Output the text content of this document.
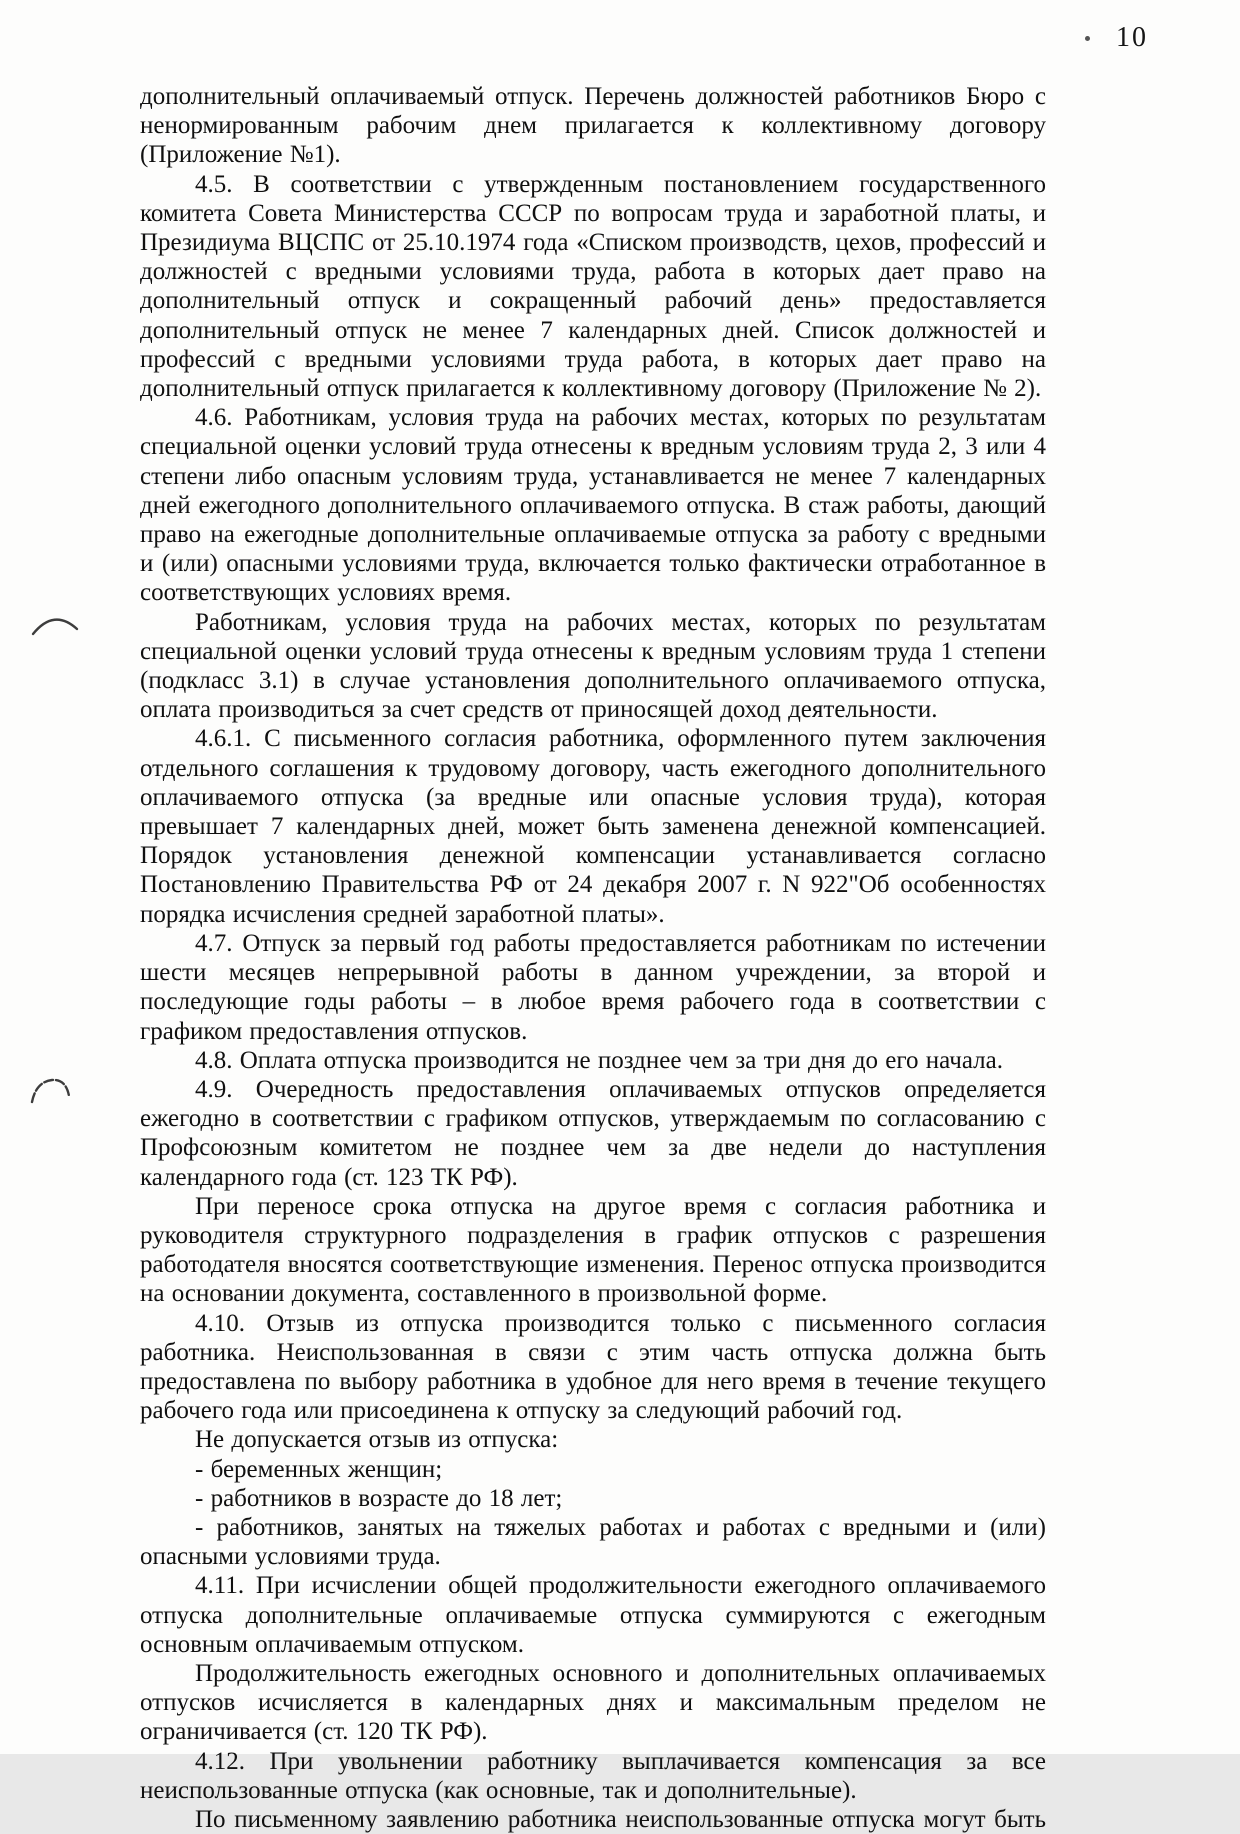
10

дополнительный оплачиваемый отпуск. Перечень должностей работников Бюро с ненормированным рабочим днем прилагается к коллективному договору (Приложение №1).

4.5. В соответствии с утвержденным постановлением государственного комитета Совета Министерства СССР по вопросам труда и заработной платы, и Президиума ВЦСПС от 25.10.1974 года «Списком производств, цехов, профессий и должностей с вредными условиями труда, работа в которых дает право на дополнительный отпуск и сокращенный рабочий день» предоставляется дополнительный отпуск не менее 7 календарных дней. Список должностей и профессий с вредными условиями труда работа, в которых дает право на дополнительный отпуск прилагается к коллективному договору (Приложение № 2).

4.6. Работникам, условия труда на рабочих местах, которых по результатам специальной оценки условий труда отнесены к вредным условиям труда 2, 3 или 4 степени либо опасным условиям труда, устанавливается не менее 7 календарных дней ежегодного дополнительного оплачиваемого отпуска. В стаж работы, дающий право на ежегодные дополнительные оплачиваемые отпуска за работу с вредными и (или) опасными условиями труда, включается только фактически отработанное в соответствующих условиях время.

Работникам, условия труда на рабочих местах, которых по результатам специальной оценки условий труда отнесены к вредным условиям труда 1 степени (подкласс 3.1) в случае установления дополнительного оплачиваемого отпуска, оплата производиться за счет средств от приносящей доход деятельности.

4.6.1. С письменного согласия работника, оформленного путем заключения отдельного соглашения к трудовому договору, часть ежегодного дополнительного оплачиваемого отпуска (за вредные или опасные условия труда), которая превышает 7 календарных дней, может быть заменена денежной компенсацией. Порядок установления денежной компенсации устанавливается согласно Постановлению Правительства РФ от 24 декабря 2007 г. N 922"Об особенностях порядка исчисления средней заработной платы».

4.7. Отпуск за первый год работы предоставляется работникам по истечении шести месяцев непрерывной работы в данном учреждении, за второй и последующие годы работы – в любое время рабочего года в соответствии с графиком предоставления отпусков.

4.8. Оплата отпуска производится не позднее чем за три дня до его начала.

4.9. Очередность предоставления оплачиваемых отпусков определяется ежегодно в соответствии с графиком отпусков, утверждаемым по согласованию с Профсоюзным комитетом не позднее чем за две недели до наступления календарного года (ст. 123 ТК РФ).

При переносе срока отпуска на другое время с согласия работника и руководителя структурного подразделения в график отпусков с разрешения работодателя вносятся соответствующие изменения. Перенос отпуска производится на основании документа, составленного в произвольной форме.

4.10. Отзыв из отпуска производится только с письменного согласия работника. Неиспользованная в связи с этим часть отпуска должна быть предоставлена по выбору работника в удобное для него время в течение текущего рабочего года или присоединена к отпуску за следующий рабочий год.

Не допускается отзыв из отпуска:

- беременных женщин;

- работников в возрасте до 18 лет;

- работников, занятых на тяжелых работах и работах с вредными и (или) опасными условиями труда.

4.11. При исчислении общей продолжительности ежегодного оплачиваемого отпуска дополнительные оплачиваемые отпуска суммируются с ежегодным основным оплачиваемым отпуском.

Продолжительность ежегодных основного и дополнительных оплачиваемых отпусков исчисляется в календарных днях и максимальным пределом не ограничивается (ст. 120 ТК РФ).

4.12. При увольнении работнику выплачивается компенсация за все неиспользованные отпуска (как основные, так и дополнительные).

По письменному заявлению работника неиспользованные отпуска могут быть
